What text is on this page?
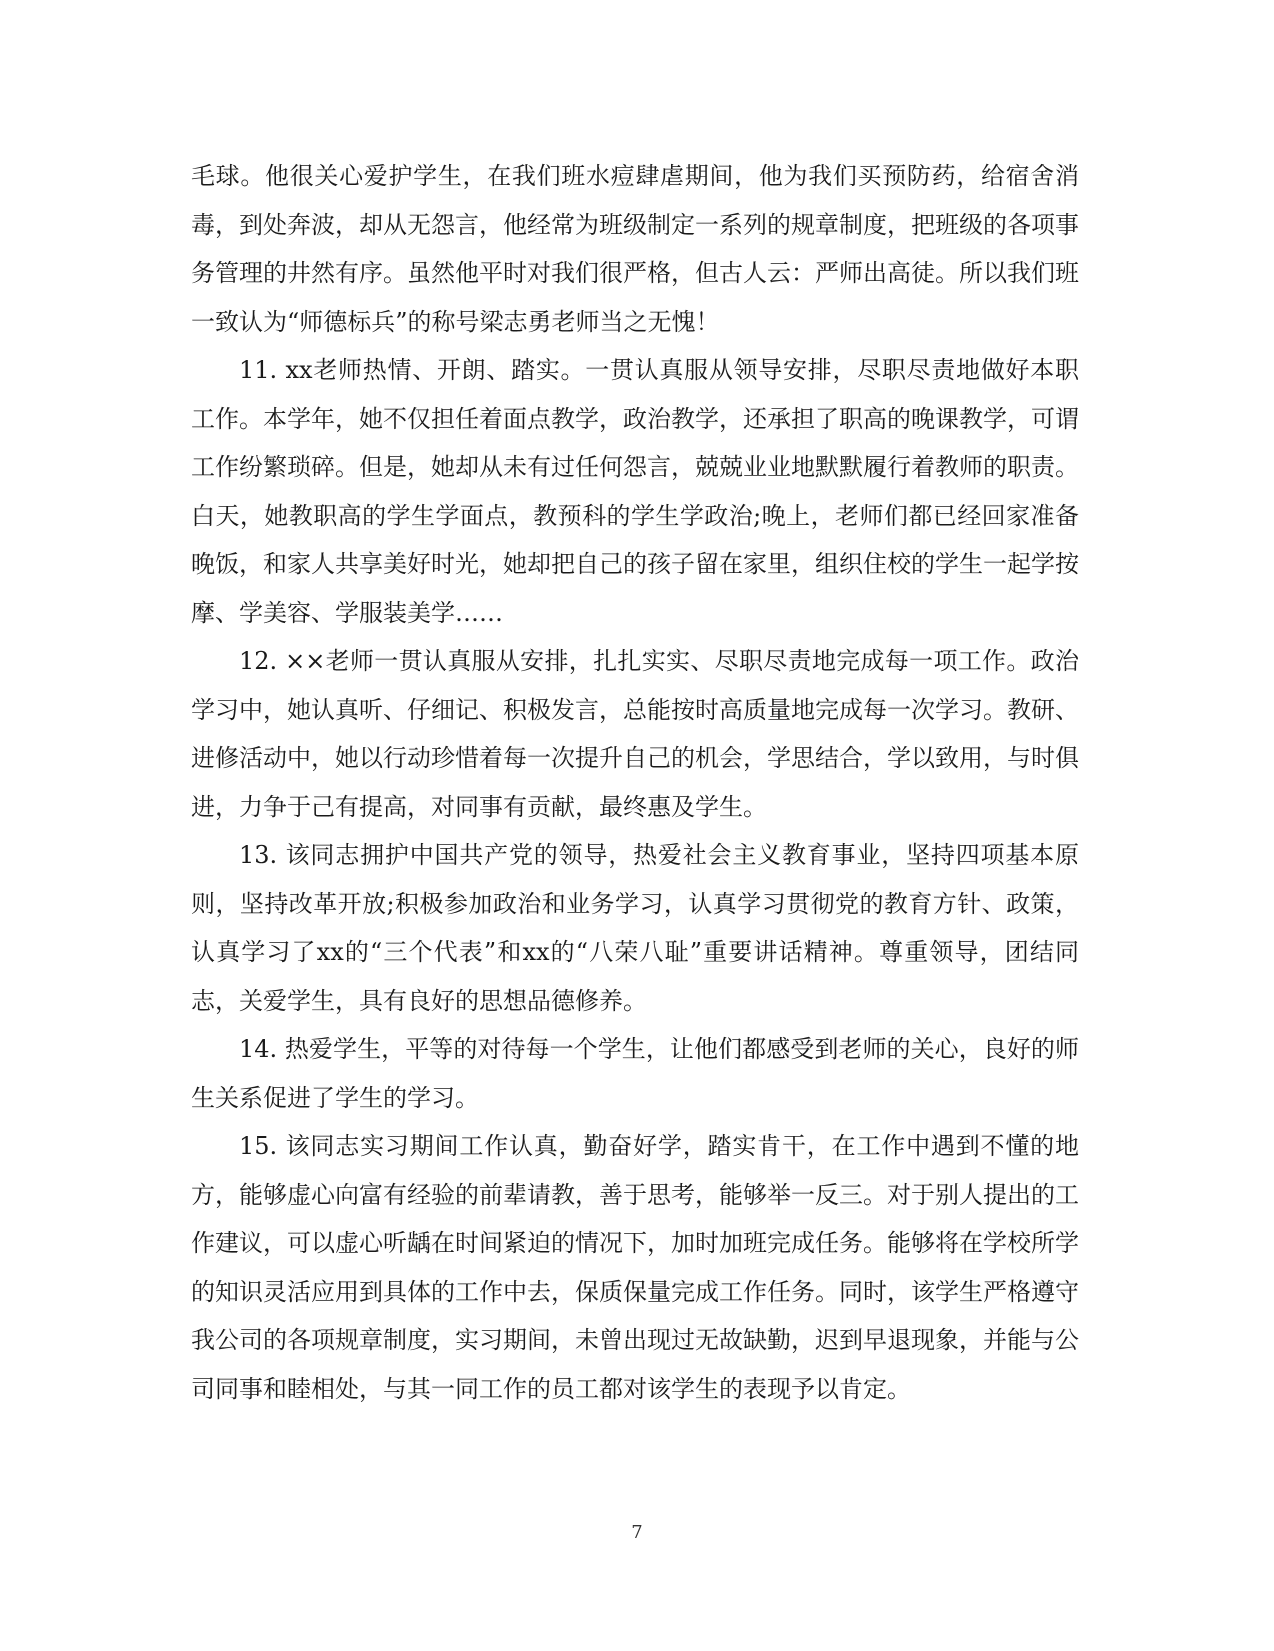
毛球。他很关心爱护学生，在我们班水痘肆虐期间，他为我们买预防药，给宿舍消毒，到处奔波，却从无怨言，他经常为班级制定一系列的规章制度，把班级的各项事务管理的井然有序。虽然他平时对我们很严格，但古人云：严师出高徒。所以我们班一致认为“师德标兵”的称号梁志勇老师当之无愧！

11. xx老师热情、开朗、踏实。一贯认真服从领导安排，尽职尽责地做好本职工作。本学年，她不仅担任着面点教学，政治教学，还承担了职高的晚课教学，可谓工作纷繁琐碎。但是，她却从未有过任何怨言，兢兢业业地默默履行着教师的职责。白天，她教职高的学生学面点，教预科的学生学政治;晚上，老师们都已经回家准备晚饭，和家人共享美好时光，她却把自己的孩子留在家里，组织住校的学生一起学按摩、学美容、学服装美学……

12. ××老师一贯认真服从安排，扎扎实实、尽职尽责地完成每一项工作。政治学习中，她认真听、仔细记、积极发言，总能按时高质量地完成每一次学习。教研、进修活动中，她以行动珍惜着每一次提升自己的机会，学思结合，学以致用，与时俱进，力争于己有提高，对同事有贡献，最终惠及学生。

13. 该同志拥护中国共产党的领导，热爱社会主义教育事业，坚持四项基本原则，坚持改革开放;积极参加政治和业务学习，认真学习贯彻党的教育方针、政策，认真学习了xx的“三个代表”和xx的“八荣八耻”重要讲话精神。尊重领导，团结同志，关爱学生，具有良好的思想品德修养。

14. 热爱学生，平等的对待每一个学生，让他们都感受到老师的关心，良好的师生关系促进了学生的学习。

15. 该同志实习期间工作认真，勤奋好学，踏实肯干，在工作中遇到不懂的地方，能够虚心向富有经验的前辈请教，善于思考，能够举一反三。对于别人提出的工作建议，可以虚心听龋在时间紧迫的情况下，加时加班完成任务。能够将在学校所学的知识灵活应用到具体的工作中去，保质保量完成工作任务。同时，该学生严格遵守我公司的各项规章制度，实习期间，未曾出现过无故缺勤，迟到早退现象，并能与公司同事和睦相处，与其一同工作的员工都对该学生的表现予以肯定。

7
